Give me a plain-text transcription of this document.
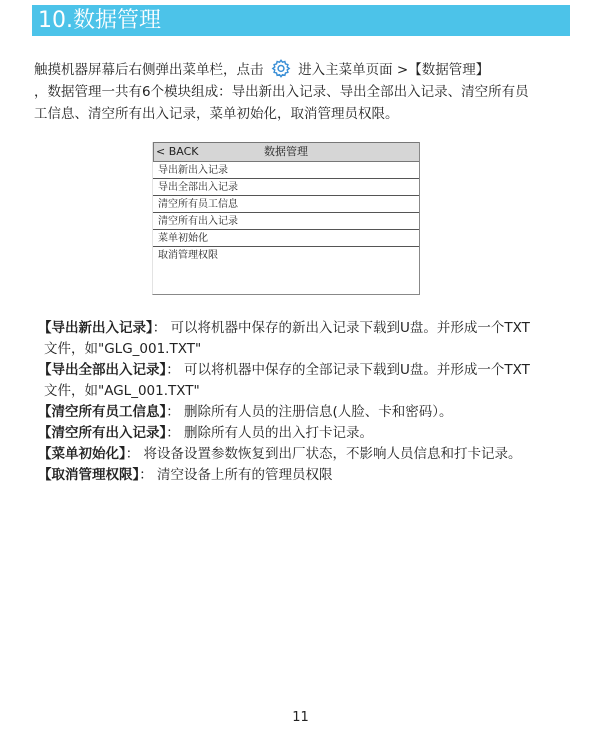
10.数据管理
触摸机器屏幕后右侧弹出菜单栏，点击	进入主菜单页面 >【数据管理】
，数据管理一共有6个模块组成：导出新出入记录、导出全部出入记录、清空所有员
工信息、清空所有出入记录，菜单初始化，取消管理员权限。
< BACK	数据管理
导出新出入记录
导出全部出入记录
清空所有员工信息
清空所有出入记录
菜单初始化
取消管理权限

【导出新出入记录】： 可以将机器中保存的新出入记录下载到U盘。并形成一个TXT

文件，如"GLG_001.TXT"

【导出全部出入记录】： 可以将机器中保存的全部记录下载到U盘。并形成一个TXT

文件，如"AGL_001.TXT"

【清空所有员工信息】： 删除所有人员的注册信息(人脸、卡和密码）。

【清空所有出入记录】： 删除所有人员的出入打卡记录。

【菜单初始化】： 将设备设置参数恢复到出厂状态，不影响人员信息和打卡记录。

【取消管理权限】： 清空设备上所有的管理员权限

11
